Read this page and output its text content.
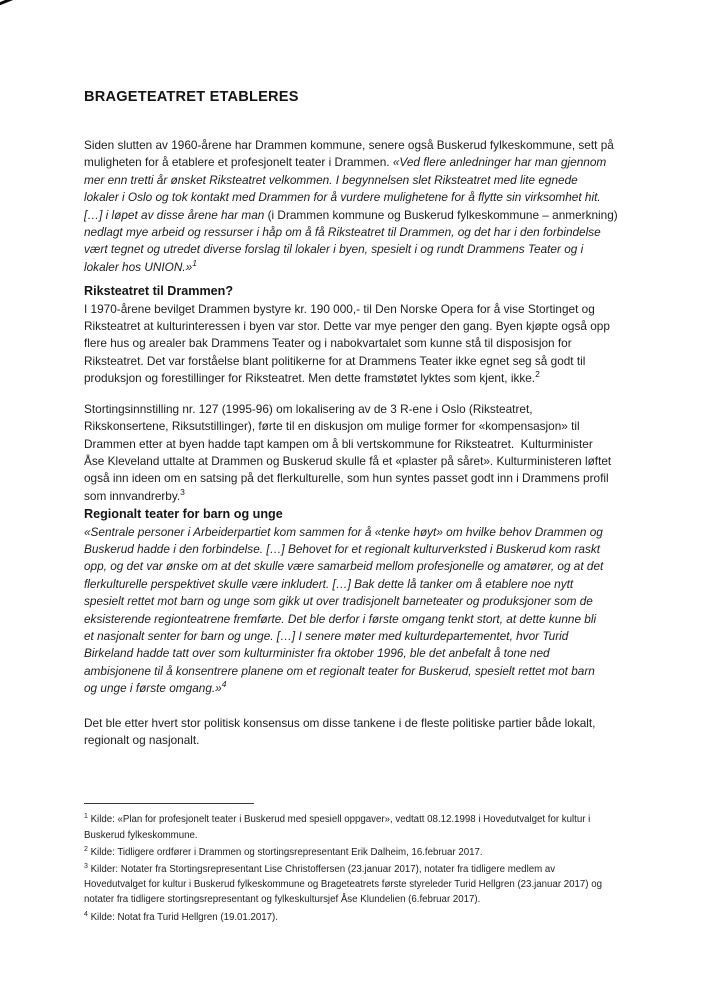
BRAGETEATRET ETABLERES
Siden slutten av 1960-årene har Drammen kommune, senere også Buskerud fylkeskommune, sett på
muligheten for å etablere et profesjonelt teater i Drammen. «Ved flere anledninger har man gjennom
mer enn tretti år ønsket Riksteatret velkommen. I begynnelsen slet Riksteatret med lite egnede
lokaler i Oslo og tok kontakt med Drammen for å vurdere mulighetene for å flytte sin virksomhet hit.
[…] i løpet av disse årene har man (i Drammen kommune og Buskerud fylkeskommune – anmerkning)
nedlagt mye arbeid og ressurser i håp om å få Riksteatret til Drammen, og det har i den forbindelse
vært tegnet og utredet diverse forslag til lokaler i byen, spesielt i og rundt Drammens Teater og i
lokaler hos UNION.»$^1$
Riksteatret til Drammen?
I 1970-årene bevilget Drammen bystyre kr. 190 000,- til Den Norske Opera for å vise Stortinget og
Riksteatret at kulturinteressen i byen var stor. Dette var mye penger den gang. Byen kjøpte også opp
flere hus og arealer bak Drammens Teater og i nabokvartalet som kunne stå til disposisjon for
Riksteatret. Det var forståelse blant politikerne for at Drammens Teater ikke egnet seg så godt til
produksjon og forestillinger for Riksteatret. Men dette framstøtet lyktes som kjent, ikke.$^2$
Stortingsinnstilling nr. 127 (1995-96) om lokalisering av de 3 R-ene i Oslo (Riksteatret,
Rikskonsertene, Riksutstillinger), førte til en diskusjon om mulige former for «kompensasjon» til
Drammen etter at byen hadde tapt kampen om å bli vertskommune for Riksteatret.  Kulturminister
Åse Kleveland uttalte at Drammen og Buskerud skulle få et «plaster på såret». Kulturministeren løftet
også inn ideen om en satsing på det flerkulturelle, som hun syntes passet godt inn i Drammens profil
som innvandrerby.$^3$
Regionalt teater for barn og unge
«Sentrale personer i Arbeiderpartiet kom sammen for å «tenke høyt» om hvilke behov Drammen og
Buskerud hadde i den forbindelse. […] Behovet for et regionalt kulturverksted i Buskerud kom raskt
opp, og det var ønske om at det skulle være samarbeid mellom profesjonelle og amatører, og at det
flerkulturelle perspektivet skulle være inkludert. […] Bak dette lå tanker om å etablere noe nytt
spesielt rettet mot barn og unge som gikk ut over tradisjonelt barneteater og produksjoner som de
eksisterende regionteatrene fremførte. Det ble derfor i første omgang tenkt stort, at dette kunne bli
et nasjonalt senter for barn og unge. […] I senere møter med kulturdepartementet, hvor Turid
Birkeland hadde tatt over som kulturminister fra oktober 1996, ble det anbefalt å tone ned
ambisjonene til å konsentrere planene om et regionalt teater for Buskerud, spesielt rettet mot barn
og unge i første omgang.»$^4$
Det ble etter hvert stor politisk konsensus om disse tankene i de fleste politiske partier både lokalt,
regionalt og nasjonalt.
$^1$ Kilde: «Plan for profesjonelt teater i Buskerud med spesiell oppgaver», vedtatt 08.12.1998 i Hovedutvalget for kultur i
Buskerud fylkeskommune.
$^2$ Kilde: Tidligere ordfører i Drammen og stortingsrepresentant Erik Dalheim, 16.februar 2017.
$^3$ Kilder: Notater fra Stortingsrepresentant Lise Christoffersen (23.januar 2017), notater fra tidligere medlem av
Hovedutvalget for kultur i Buskerud fylkeskommune og Brageteatrets første styreleder Turid Hellgren (23.januar 2017) og
notater fra tidligere stortingsrepresentant og fylkeskultursjef Åse Klundelien (6.februar 2017).
$^4$ Kilde: Notat fra Turid Hellgren (19.01.2017).
